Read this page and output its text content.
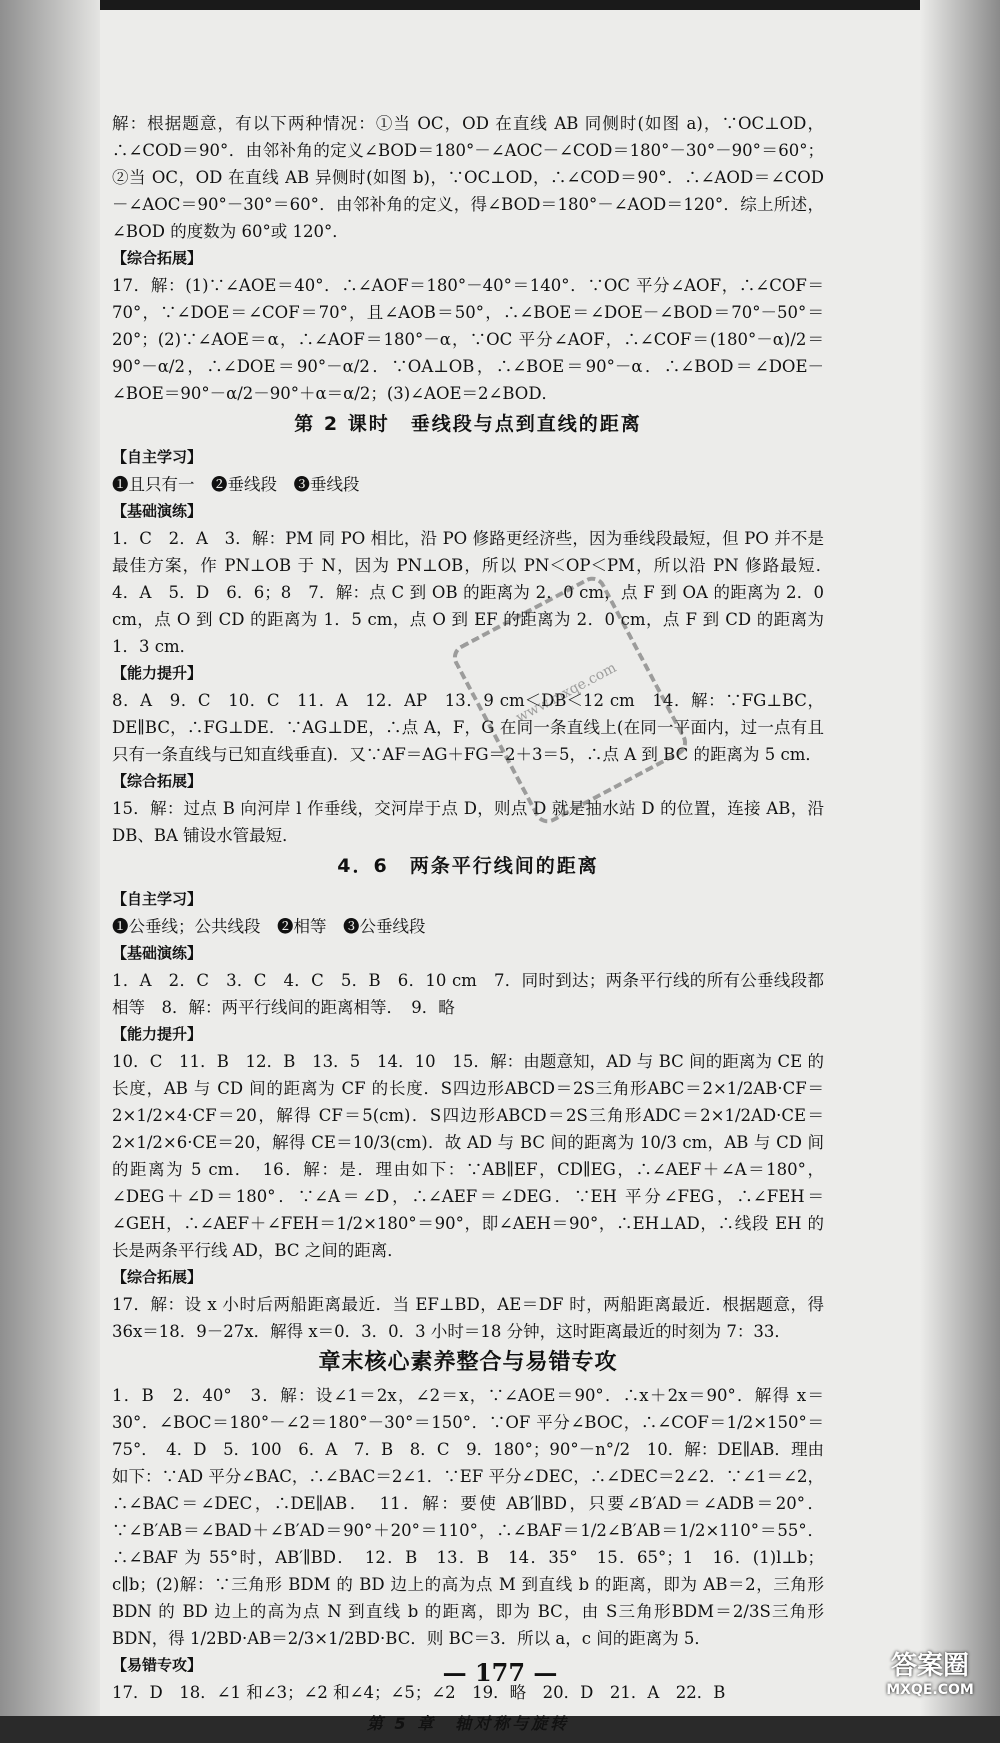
解：根据题意，有以下两种情况：①当 OC，OD 在直线 AB 同侧时(如图 a)，∵OC⊥OD，∴∠COD＝90°．由邻补角的定义∠BOD＝180°－∠AOC－∠COD＝180°－30°－90°＝60°；②当 OC，OD 在直线 AB 异侧时(如图 b)，∵OC⊥OD，∴∠COD＝90°．∴∠AOD＝∠COD－∠AOC＝90°－30°＝60°．由邻补角的定义，得∠BOD＝180°－∠AOD＝120°．综上所述，∠BOD 的度数为 60°或 120°．

【综合拓展】

17．解：(1)∵∠AOE＝40°．∴∠AOF＝180°－40°＝140°．∵OC 平分∠AOF，∴∠COF＝70°，∵∠DOE＝∠COF＝70°，且∠AOB＝50°，∴∠BOE＝∠DOE－∠BOD＝70°－50°＝20°；(2)∵∠AOE＝α，∴∠AOF＝180°－α，∵OC 平分∠AOF，∴∠COF＝(180°－α)/2＝90°－α/2，∴∠DOE＝90°－α/2．∵OA⊥OB，∴∠BOE＝90°－α．∴∠BOD＝∠DOE－∠BOE＝90°－α/2－90°＋α＝α/2；(3)∠AOE＝2∠BOD．

第 2 课时　垂线段与点到直线的距离

【自主学习】

❶且只有一　❷垂线段　❸垂线段

【基础演练】

1．C　2．A　3．解：PM 同 PO 相比，沿 PO 修路更经济些，因为垂线段最短，但 PO 并不是最佳方案，作 PN⊥OB 于 N，因为 PN⊥OB，所以 PN＜OP＜PM，所以沿 PN 修路最短．　4．A　5．D　6．6；8　7．解：点 C 到 OB 的距离为 2．0 cm，点 F 到 OA 的距离为 2．0 cm，点 O 到 CD 的距离为 1．5 cm，点 O 到 EF 的距离为 2．0 cm，点 F 到 CD 的距离为 1．3 cm．

【能力提升】

8．A　9．C　10．C　11．A　12．AP　13．9 cm＜DB＜12 cm　14．解：∵FG⊥BC，DE∥BC，∴FG⊥DE．∵AG⊥DE，∴点 A，F，G 在同一条直线上(在同一平面内，过一点有且只有一条直线与已知直线垂直)．又∵AF＝AG＋FG＝2＋3＝5，∴点 A 到 BC 的距离为 5 cm．

【综合拓展】

15．解：过点 B 向河岸 l 作垂线，交河岸于点 D，则点 D 就是抽水站 D 的位置，连接 AB，沿 DB、BA 铺设水管最短．

4．6　两条平行线间的距离

【自主学习】

❶公垂线；公共线段　❷相等　❸公垂线段

【基础演练】

1．A　2．C　3．C　4．C　5．B　6．10 cm　7．同时到达；两条平行线的所有公垂线段都相等　8．解：两平行线间的距离相等．　9．略

【能力提升】

10．C　11．B　12．B　13．5　14．10　15．解：由题意知，AD 与 BC 间的距离为 CE 的长度，AB 与 CD 间的距离为 CF 的长度．S四边形ABCD＝2S三角形ABC＝2×1/2AB·CF＝2×1/2×4·CF＝20，解得 CF＝5(cm)．S四边形ABCD＝2S三角形ADC＝2×1/2AD·CE＝2×1/2×6·CE＝20，解得 CE＝10/3(cm)．故 AD 与 BC 间的距离为 10/3 cm，AB 与 CD 间的距离为 5 cm．　16．解：是．理由如下：∵AB∥EF，CD∥EG，∴∠AEF＋∠A＝180°，∠DEG＋∠D＝180°．∵∠A＝∠D，∴∠AEF＝∠DEG．∵EH 平分∠FEG，∴∠FEH＝∠GEH，∴∠AEF＋∠FEH＝1/2×180°＝90°，即∠AEH＝90°，∴EH⊥AD，∴线段 EH 的长是两条平行线 AD，BC 之间的距离．

【综合拓展】

17．解：设 x 小时后两船距离最近．当 EF⊥BD，AE＝DF 时，两船距离最近．根据题意，得 36x＝18．9－27x．解得 x＝0．3．0．3 小时＝18 分钟，这时距离最近的时刻为 7：33．

章末核心素养整合与易错专攻

1．B　2．40°　3．解：设∠1＝2x，∠2＝x，∵∠AOE＝90°．∴x＋2x＝90°．解得 x＝30°．∠BOC＝180°－∠2＝180°－30°＝150°．∵OF 平分∠BOC，∴∠COF＝1/2×150°＝75°．　4．D　5．100　6．A　7．B　8．C　9．180°；90°－n°/2　10．解：DE∥AB．理由如下：∵AD 平分∠BAC，∴∠BAC＝2∠1．∵EF 平分∠DEC，∴∠DEC＝2∠2．∵∠1＝∠2，∴∠BAC＝∠DEC，∴DE∥AB．　11．解：要使 AB′∥BD，只要∠B′AD＝∠ADB＝20°．∵∠B′AB＝∠BAD＋∠B′AD＝90°＋20°＝110°，∴∠BAF＝1/2∠B′AB＝1/2×110°＝55°．∴∠BAF 为 55°时，AB′∥BD．　12．B　13．B　14．35°　15．65°；1　16．(1)l⊥b；c∥b；(2)解：∵三角形 BDM 的 BD 边上的高为点 M 到直线 b 的距离，即为 AB＝2，三角形 BDN 的 BD 边上的高为点 N 到直线 b 的距离，即为 BC，由 S三角形BDM＝2/3S三角形BDN，得 1/2BD·AB＝2/3×1/2BD·BC．则 BC＝3．所以 a，c 间的距离为 5．

【易错专攻】

17．D　18．∠1 和∠3；∠2 和∠4；∠5；∠2　19．略　20．D　21．A　22．B

第 5 章　轴对称与旋转

www.mxqe.com
— 177 —	答案圈
MXQE.COM
